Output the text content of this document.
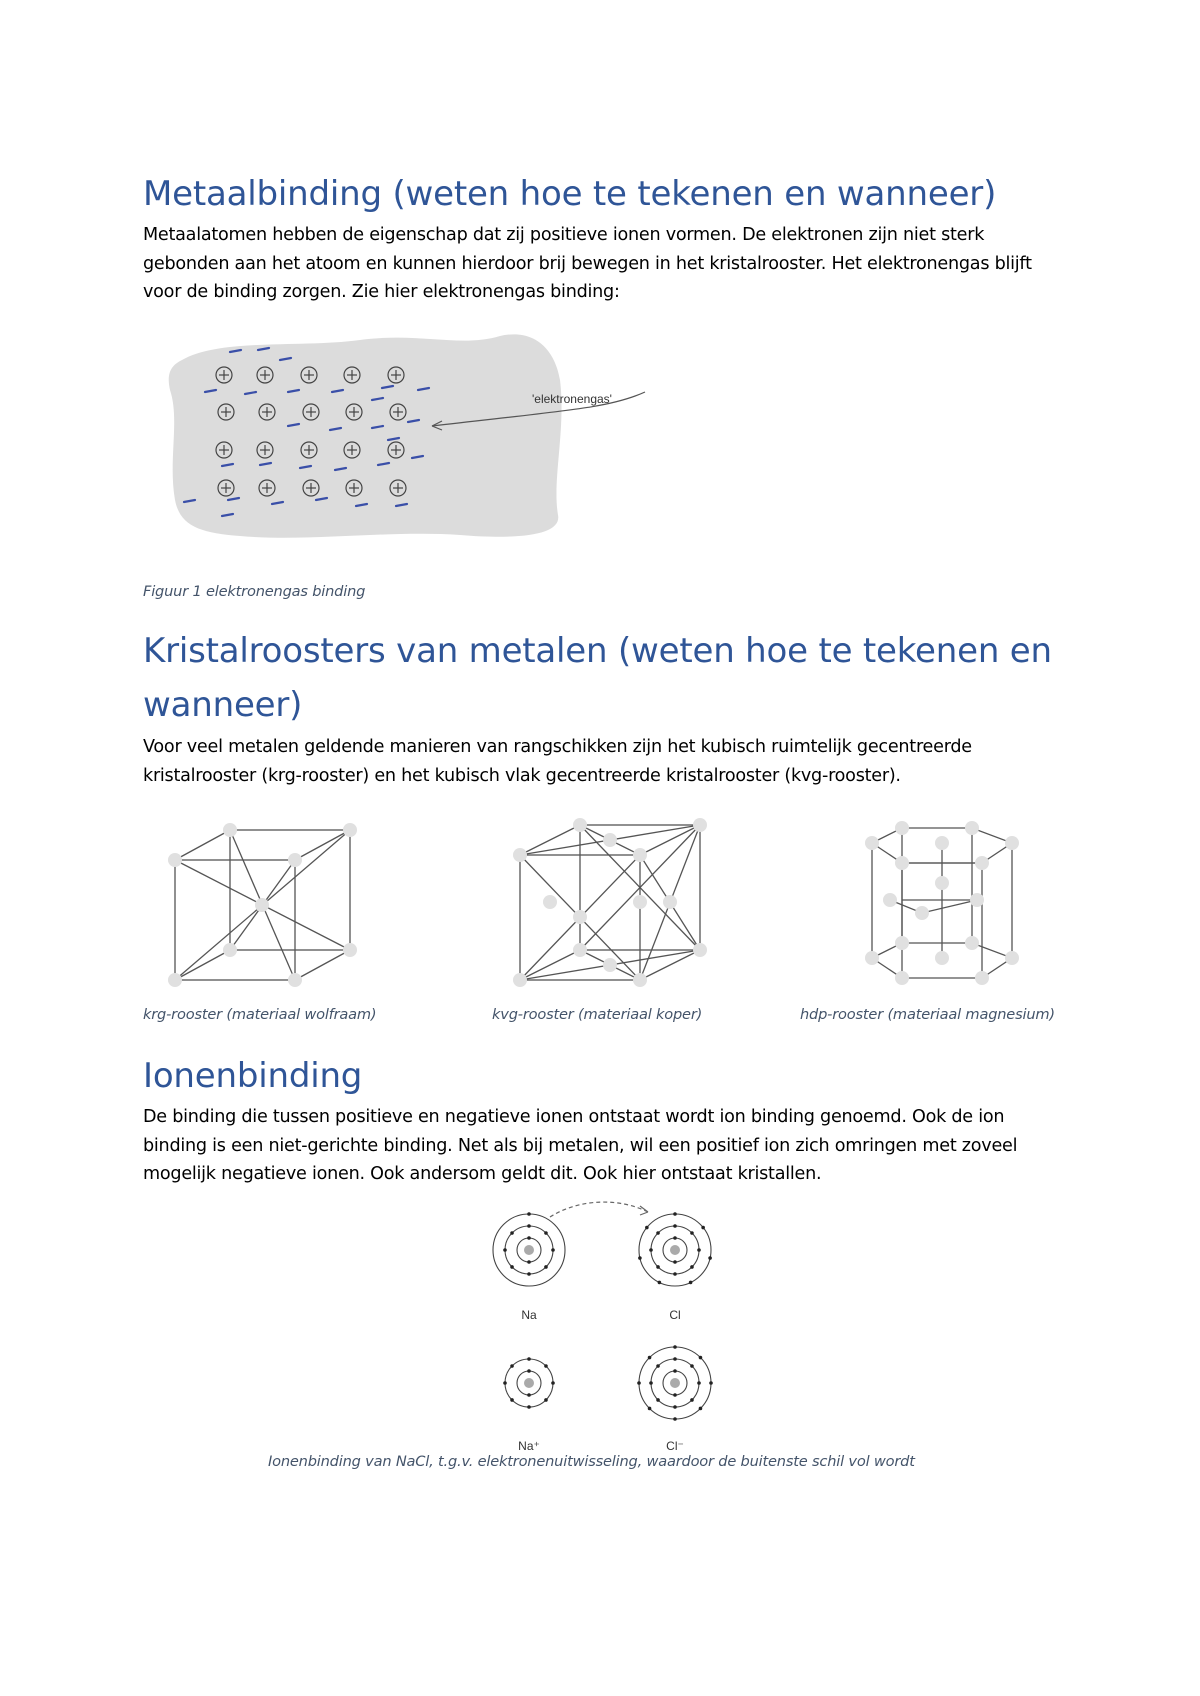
Metaalbinding (weten hoe te tekenen en wanneer)

Metaalatomen hebben de eigenschap dat zij positieve ionen vormen. De elektronen zijn niet sterk gebonden aan het atoom en kunnen hierdoor brij bewegen in het kristalrooster. Het elektronengas blijft voor de binding zorgen. Zie hier elektronengas binding:

'elektronengas'
Figuur 1 elektronengas binding
Kristalroosters van metalen (weten hoe te tekenen en
wanneer)

Voor veel metalen geldende manieren van rangschikken zijn het kubisch ruimtelijk gecentreerde kristalrooster (krg-rooster) en het kubisch vlak gecentreerde kristalrooster (kvg-rooster).

krg-rooster (materiaal wolfraam)	kvg-rooster (materiaal koper)	hdp-rooster (materiaal magnesium)
Ionenbinding

De binding die tussen positieve en negatieve ionen ontstaat wordt ion binding genoemd. Ook de ion binding is een niet-gerichte binding. Net als bij metalen, wil een positief ion zich omringen met zoveel mogelijk negatieve ionen. Ook andersom geldt dit. Ook hier ontstaat kristallen.

Na	Cl
Na⁺	Cl⁻
Ionenbinding van NaCl, t.g.v. elektronenuitwisseling, waardoor de buitenste schil vol wordt
